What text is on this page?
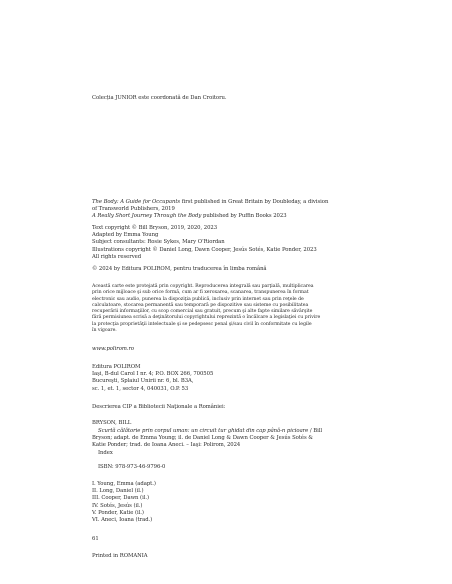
Colecția JUNIOR este coordonată de Dan Croitoru.

The Body: A Guide for Occupants first published in Great Britain by Doubleday, a division
of Transworld Publishers, 2019
A Really Short Journey Through the Body published by Puffin Books 2023

Text copyright © Bill Bryson, 2019, 2020, 2023
Adapted by Emma Young
Subject consultants: Rosie Sykes, Mary O’Riordan
Illustrations copyright © Daniel Long, Dawn Cooper, Jesús Sotés, Katie Ponder, 2023
All rights reserved

© 2024 by Editura POLIROM, pentru traducerea în limba română

Această carte este protejată prin copyright. Reproducerea integrală sau parţială, multiplicarea
prin orice mijloace şi sub orice formă, cum ar fi xeroxarea, scanarea, transpunerea în format
electronic sau audio, punerea la dispoziţia publică, inclusiv prin internet sau prin reţele de
calculatoare, stocarea permanentă sau temporară pe dispozitive sau sisteme cu posibilitatea
recuperării informaţiilor, cu scop comercial sau gratuit, precum şi alte fapte similare săvârşite
fără permisiunea scrisă a deţinătorului copyrightului reprezintă o încălcare a legislaţiei cu privire
la protecţia proprietăţii intelectuale şi se pedepsesc penal şi/sau civil în conformitate cu legile
în vigoare.

www.polirom.ro

Editura POLIROM
Iaşi, B-dul Carol I nr. 4; P.O. BOX 266, 700505
Bucureşti, Splaiul Unirii nr. 6, bl. B3A,
sc. 1, et. 1, sector 4, 040031, O.P. 53

Descrierea CIP a Bibliotecii Naţionale a României:

BRYSON, BILL

Scurtă călătorie prin corpul uman: un circuit tur ghidat din cap până-n picioare / Bill
Bryson; adapt. de Emma Young; il. de Daniel Long & Dawn Cooper & Jesús Sotés &
Katie Ponder; trad. de Ioana Aneci. – Iaşi: Polirom, 2024
Index

ISBN: 978-973-46-9796-0

I. Young, Emma (adapt.)
II. Long, Daniel (il.)
III. Cooper, Dawn (il.)
IV. Sotés, Jesús (il.)
V. Ponder, Katie (il.)
VI. Aneci, Ioana (trad.)

61

Printed in ROMANIA
